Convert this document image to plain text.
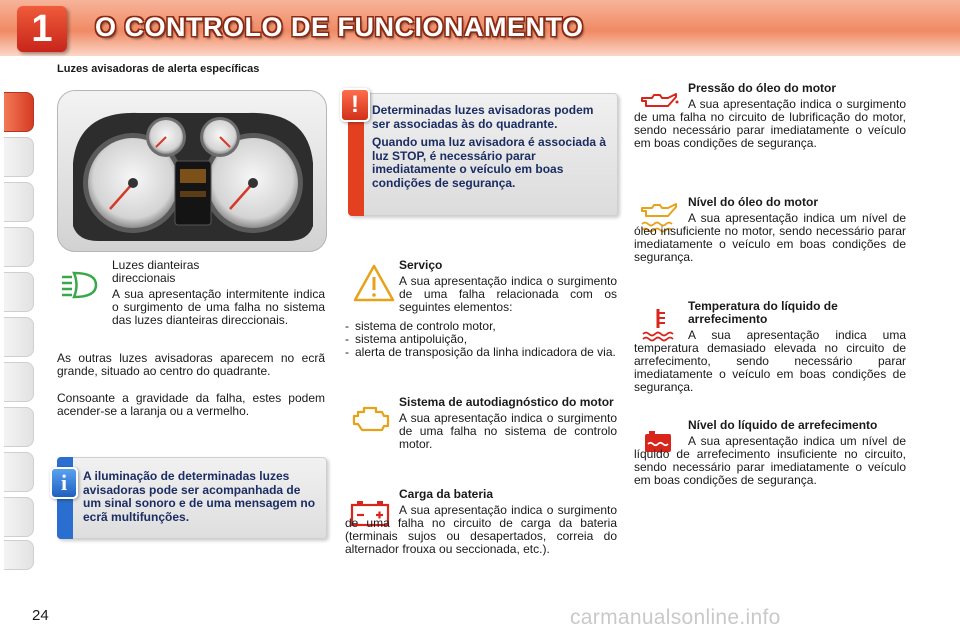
1	O CONTROLO DE FUNCIONAMENTO
Luzes avisadoras de alerta específicas
!	Determinadas luzes avisadoras podem ser associadas às do quadrante.

Quando uma luz avisadora é associada à luz STOP, é necessário parar imediatamente o veículo em boas condições de segurança.

i	A iluminação de determinadas luzes avisadoras pode ser acompanhada de um sinal sonoro e de uma mensagem no ecrã multifunções.
Luzes dianteiras direccionais
A sua apresentação intermitente indica o surgimento de uma falha no sistema das luzes dianteiras direccionais.
As outras luzes avisadoras aparecem no ecrã grande, situado ao centro do quadrante.
Consoante a gravidade da falha, estes podem acender-se a laranja ou a vermelho.
Serviço
A sua apresentação indica o surgimento de uma falha relacionada com os seguintes elementos:
- sistema de controlo motor,
- sistema antipoluição,
- alerta de transposição da linha indicadora de via.
Sistema de autodiagnóstico do motor
A sua apresentação indica o surgimento de uma falha no sistema de controlo motor.
Carga da bateria
A sua apresentação indica o surgimento de uma falha no circuito de carga da bateria (terminais sujos ou desapertados, correia do alternador frouxa ou seccionada, etc.).
Pressão do óleo do motor
A sua apresentação indica o surgimento de uma falha no circuito de lubrificação do motor, sendo necessário parar imediatamente o veículo em boas condições de segurança.
Nível do óleo do motor
A sua apresentação indica um nível de óleo insuficiente no motor, sendo necessário parar imediatamente o veículo em boas condições de segurança.
Temperatura do líquido de arrefecimento
A sua apresentação indica uma temperatura demasiado elevada no circuito de arrefecimento, sendo necessário parar imediatamente o veículo em boas condições de segurança.
Nível do líquido de arrefecimento
A sua apresentação indica um nível de líquido de arrefecimento insuficiente no circuito, sendo necessário parar imediatamente o veículo em boas condições de segurança.
24	carmanualsonline.info
